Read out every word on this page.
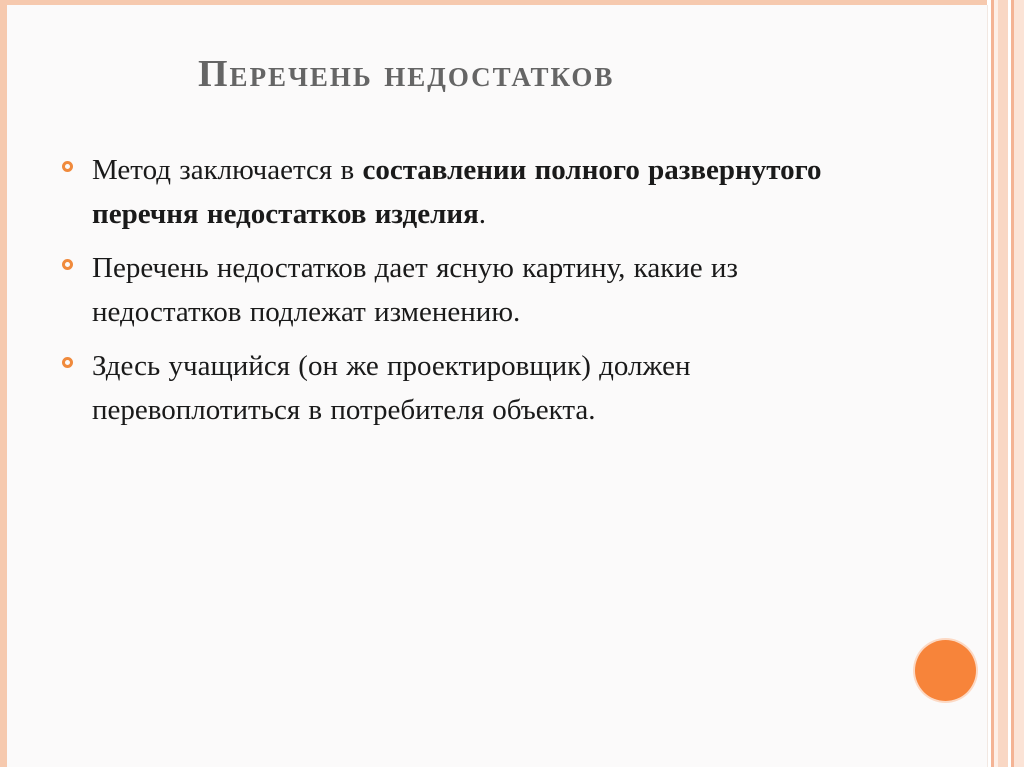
Перечень недостатков
Метод заключается в составлении полного развернутого перечня недостатков изделия.
Перечень недостатков дает ясную картину, какие из недостатков подлежат изменению.
Здесь учащийся (он же проектировщик) должен перевоплотиться в потребителя объекта.
